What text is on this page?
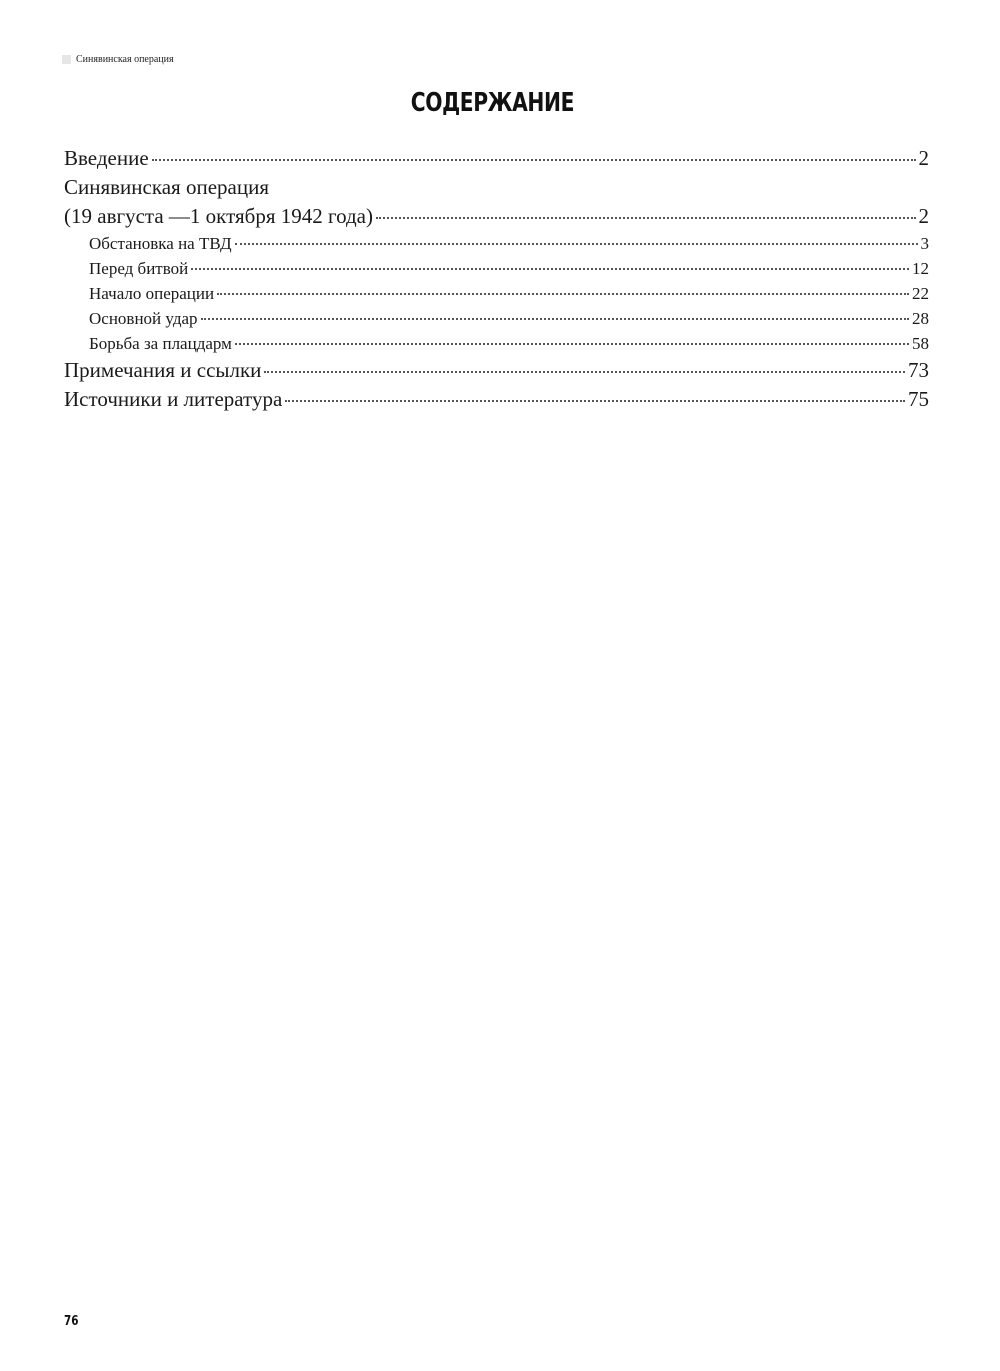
Синявинская операция
СОДЕРЖАНИЕ
Введение	2
Синявинская операция
(19 августа —1 октября 1942 года)	2
Обстановка на ТВД	3
Перед битвой	12
Начало операции	22
Основной удар	28
Борьба за плацдарм	58
Примечания и ссылки	73
Источники и литература	75
76
